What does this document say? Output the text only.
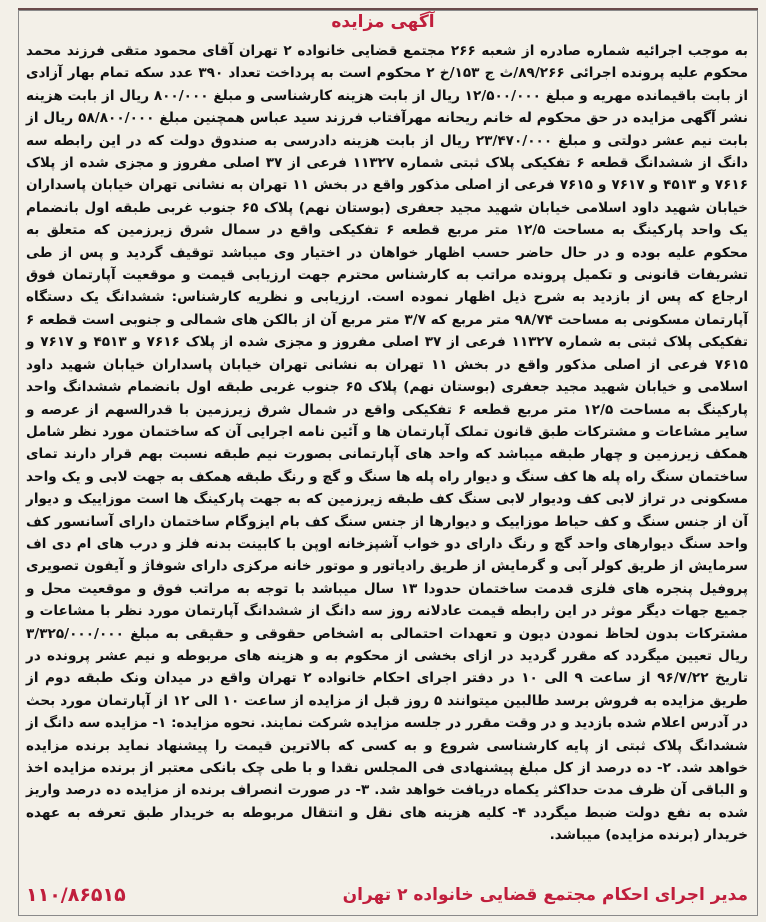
آگهی مزایده

به موجب اجرائیه شماره صادره از شعبه ۲۶۶ مجتمع قضایی خانواده ۲ تهران آقای محمود متقی فرزند محمد محکوم علیه پرونده اجرائی ۸۹/۲۶۶/ث ج ۱۵۳/خ ۲ محکوم است به پرداخت تعداد ۳۹۰ عدد سکه تمام بهار آزادی از بابت باقیمانده مهریه و مبلغ ۱۲/۵۰۰/۰۰۰ ریال از بابت هزینه کارشناسی و مبلغ ۸۰۰/۰۰۰ ریال از بابت هزینه نشر آگهی مزایده در حق محکوم له خانم ریحانه مهرآفتاب فرزند سید عباس همچنین مبلغ ۵۸/۸۰۰/۰۰۰ ریال از بابت نیم عشر دولتی و مبلغ ۲۳/۴۷۰/۰۰۰ ریال از بابت هزینه دادرسی به صندوق دولت که در این رابطه سه دانگ از ششدانگ قطعه ۶ تفکیکی پلاک ثبتی شماره ۱۱۳۲۷ فرعی از ۳۷ اصلی مفروز و مجزی شده از پلاک ۷۶۱۶ و ۴۵۱۳ و ۷۶۱۷ و ۷۶۱۵ فرعی از اصلی مذکور واقع در بخش ۱۱ تهران به نشانی تهران خیابان پاسداران خیابان شهید داود اسلامی خیابان شهید مجید جعفری (بوستان نهم) پلاک ۶۵ جنوب غربی طبقه اول بانضمام یک واحد پارکینگ به مساحت ۱۲/۵ متر مربع قطعه ۶ تفکیکی واقع در سمال شرق زیرزمین که متعلق به محکوم علیه بوده و در حال حاضر حسب اظهار خواهان در اختیار وی میباشد توقیف گردید و پس از طی تشریفات قانونی و تکمیل پرونده مراتب به کارشناس محترم جهت ارزیابی قیمت و موقعیت آپارتمان فوق ارجاع که پس از بازدید به شرح ذیل اظهار نموده است. ارزیابی و نظریه کارشناس: ششدانگ یک دستگاه آپارتمان مسکونی به مساحت ۹۸/۷۴ متر مربع که ۳/۷ متر مربع آن از بالکن های شمالی و جنوبی است قطعه ۶ تفکیکی پلاک ثبتی به شماره ۱۱۳۲۷ فرعی از ۳۷ اصلی مفروز و مجزی شده از پلاک ۷۶۱۶ و ۴۵۱۳ و ۷۶۱۷ و ۷۶۱۵ فرعی از اصلی مذکور واقع در بخش ۱۱ تهران به نشانی تهران خیابان پاسداران خیابان شهید داود اسلامی و خیابان شهید مجید جعفری (بوستان نهم) پلاک ۶۵ جنوب غربی طبقه اول بانضمام ششدانگ واحد پارکینگ به مساحت ۱۲/۵ متر مربع قطعه ۶ تفکیکی واقع در شمال شرق زیرزمین با قدرالسهم از عرصه و سایر مشاعات و مشترکات طبق قانون تملک آپارتمان ها و آئین نامه اجرایی آن که ساختمان مورد نظر شامل همکف زیرزمین و چهار طبقه میباشد که واحد های آپارتمانی بصورت نیم طبقه نسبت بهم قرار دارند تمای ساختمان سنگ راه پله ها کف سنگ و دیوار راه پله ها سنگ و گچ و رنگ طبقه همکف به جهت لابی و یک واحد مسکونی در تراز لابی کف ودیوار لابی سنگ کف طبقه زیرزمین که به جهت پارکینگ ها است موزاییک و دیوار آن از جنس سنگ و کف حیاط موزاییک و دیوارها از جنس سنگ کف بام ایزوگام ساختمان دارای آسانسور کف واحد سنگ دیوارهای واحد گچ و رنگ دارای دو خواب آشپزخانه اوپن با کابینت بدنه فلز و درب های ام دی اف سرمایش از طریق کولر آبی و گرمایش از طریق رادیاتور و موتور خانه مرکزی دارای شوفاژ و آیفون تصویری پروفیل پنجره های فلزی قدمت ساختمان حدودا ۱۳ سال میباشد با توجه به مراتب فوق و موقعیت محل و جمیع جهات دیگر موثر در این رابطه قیمت عادلانه روز سه دانگ از ششدانگ آپارتمان مورد نظر با مشاعات و مشترکات بدون لحاظ نمودن دیون و تعهدات احتمالی به اشخاص حقوقی و حقیقی به مبلغ ۳/۳۲۵/۰۰۰/۰۰۰ ریال تعیین میگردد که مقرر گردید در ازای بخشی از محکوم به و هزینه های مربوطه و نیم عشر پرونده در تاریخ ۹۶/۷/۲۲ از ساعت ۹ الی ۱۰ در دفتر اجرای احکام خانواده ۲ تهران واقع در میدان ونک طبقه دوم از طریق مزایده به فروش برسد طالبین میتوانند ۵ روز قبل از مزایده از ساعت ۱۰ الی ۱۲ از آپارتمان مورد بحث در آدرس اعلام شده بازدید و در وقت مقرر در جلسه مزایده شرکت نمایند. نحوه مزایده: ۱- مزایده سه دانگ از ششدانگ پلاک ثبتی از پایه کارشناسی شروع و به کسی که بالاترین قیمت را پیشنهاد نماید برنده مزایده خواهد شد. ۲- ده درصد از کل مبلغ پیشنهادی فی المجلس نقدا و با طی چک بانکی معتبر از برنده مزایده اخذ و الباقی آن ظرف مدت حداکثر یکماه دریافت خواهد شد. ۳- در صورت انصراف برنده از مزایده ده درصد واریز شده به نفع دولت ضبط میگردد ۴- کلیه هزینه های نقل و انتقال مربوطه به خریدار طبق تعرفه به عهده خریدار (برنده مزایده) میباشد.

مدیر اجرای احکام مجتمع قضایی خانواده ۲ تهران
۱۱۰/۸۶۵۱۵
